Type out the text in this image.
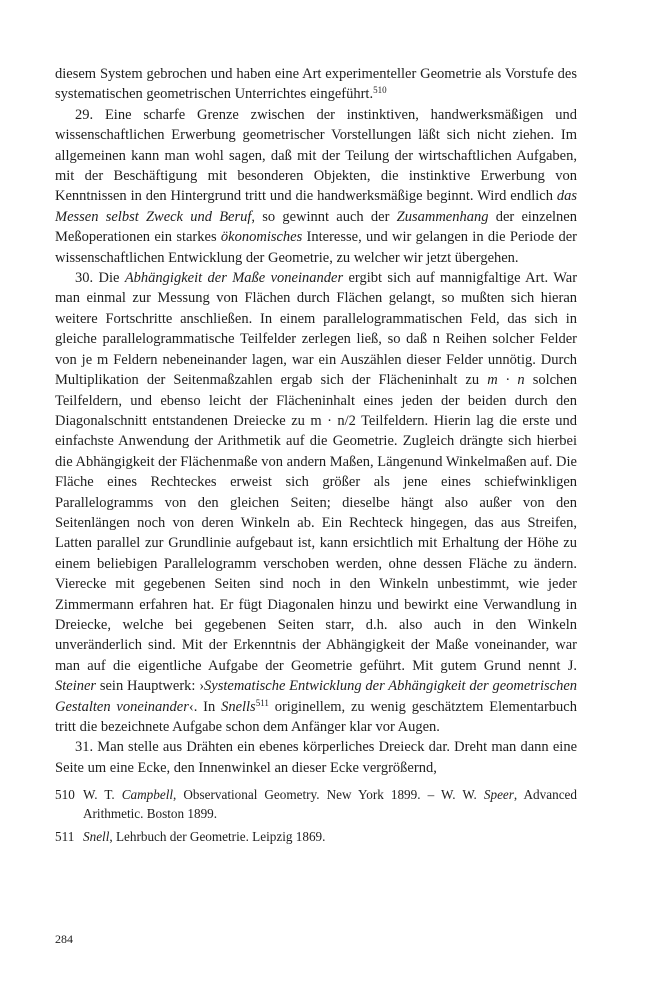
diesem System gebrochen und haben eine Art experimenteller Geometrie als Vorstufe des systematischen geometrischen Unterrichtes eingeführt.$^{510}$

29. Eine scharfe Grenze zwischen der instinktiven, handwerksmäßigen und wissenschaftlichen Erwerbung geometrischer Vorstellungen läßt sich nicht ziehen. Im allgemeinen kann man wohl sagen, daß mit der Teilung der wirtschaftlichen Aufgaben, mit der Beschäftigung mit besonderen Objekten, die instinktive Erwerbung von Kenntnissen in den Hintergrund tritt und die handwerksmäßige beginnt. Wird endlich das Messen selbst Zweck und Beruf, so gewinnt auch der Zusammenhang der einzelnen Meßoperationen ein starkes ökonomisches Interesse, und wir gelangen in die Periode der wissenschaftlichen Entwicklung der Geometrie, zu welcher wir jetzt übergehen.

30. Die Abhängigkeit der Maße voneinander ergibt sich auf mannigfaltige Art. War man einmal zur Messung von Flächen durch Flächen gelangt, so mußten sich hieran weitere Fortschritte anschließen. In einem parallelogrammatischen Feld, das sich in gleiche parallelogrammatische Teilfelder zerlegen ließ, so daß n Reihen solcher Felder von je m Feldern nebeneinander lagen, war ein Auszählen dieser Felder unnötig. Durch Multiplikation der Seitenmaßzahlen ergab sich der Flächeninhalt zu m · n solchen Teilfeldern, und ebenso leicht der Flächeninhalt eines jeden der beiden durch den Diagonalschnitt entstandenen Dreiecke zu m · n/2 Teilfeldern. Hierin lag die erste und einfachste Anwendung der Arithmetik auf die Geometrie. Zugleich drängte sich hierbei die Abhängigkeit der Flächenmaße von andern Maßen, Längenund Winkelmaßen auf. Die Fläche eines Rechteckes erweist sich größer als jene eines schiefwinkligen Parallelogramms von den gleichen Seiten; dieselbe hängt also außer von den Seitenlängen noch von deren Winkeln ab. Ein Rechteck hingegen, das aus Streifen, Latten parallel zur Grundlinie aufgebaut ist, kann ersichtlich mit Erhaltung der Höhe zu einem beliebigen Parallelogramm verschoben werden, ohne dessen Fläche zu ändern. Vierecke mit gegebenen Seiten sind noch in den Winkeln unbestimmt, wie jeder Zimmermann erfahren hat. Er fügt Diagonalen hinzu und bewirkt eine Verwandlung in Dreiecke, welche bei gegebenen Seiten starr, d.h. also auch in den Winkeln unveränderlich sind. Mit der Erkenntnis der Abhängigkeit der Maße voneinander, war man auf die eigentliche Aufgabe der Geometrie geführt. Mit gutem Grund nennt J. Steiner sein Hauptwerk: ›Systematische Entwicklung der Abhängigkeit der geometrischen Gestalten voneinander‹. In Snells$^{511}$ originellem, zu wenig geschätztem Elementarbuch tritt die bezeichnete Aufgabe schon dem Anfänger klar vor Augen.

31. Man stelle aus Drähten ein ebenes körperliches Dreieck dar. Dreht man dann eine Seite um eine Ecke, den Innenwinkel an dieser Ecke vergrößernd,

510 W. T. Campbell, Observational Geometry. New York 1899. – W. W. Speer, Advanced Arithmetic. Boston 1899.
511 Snell, Lehrbuch der Geometrie. Leipzig 1869.
284
